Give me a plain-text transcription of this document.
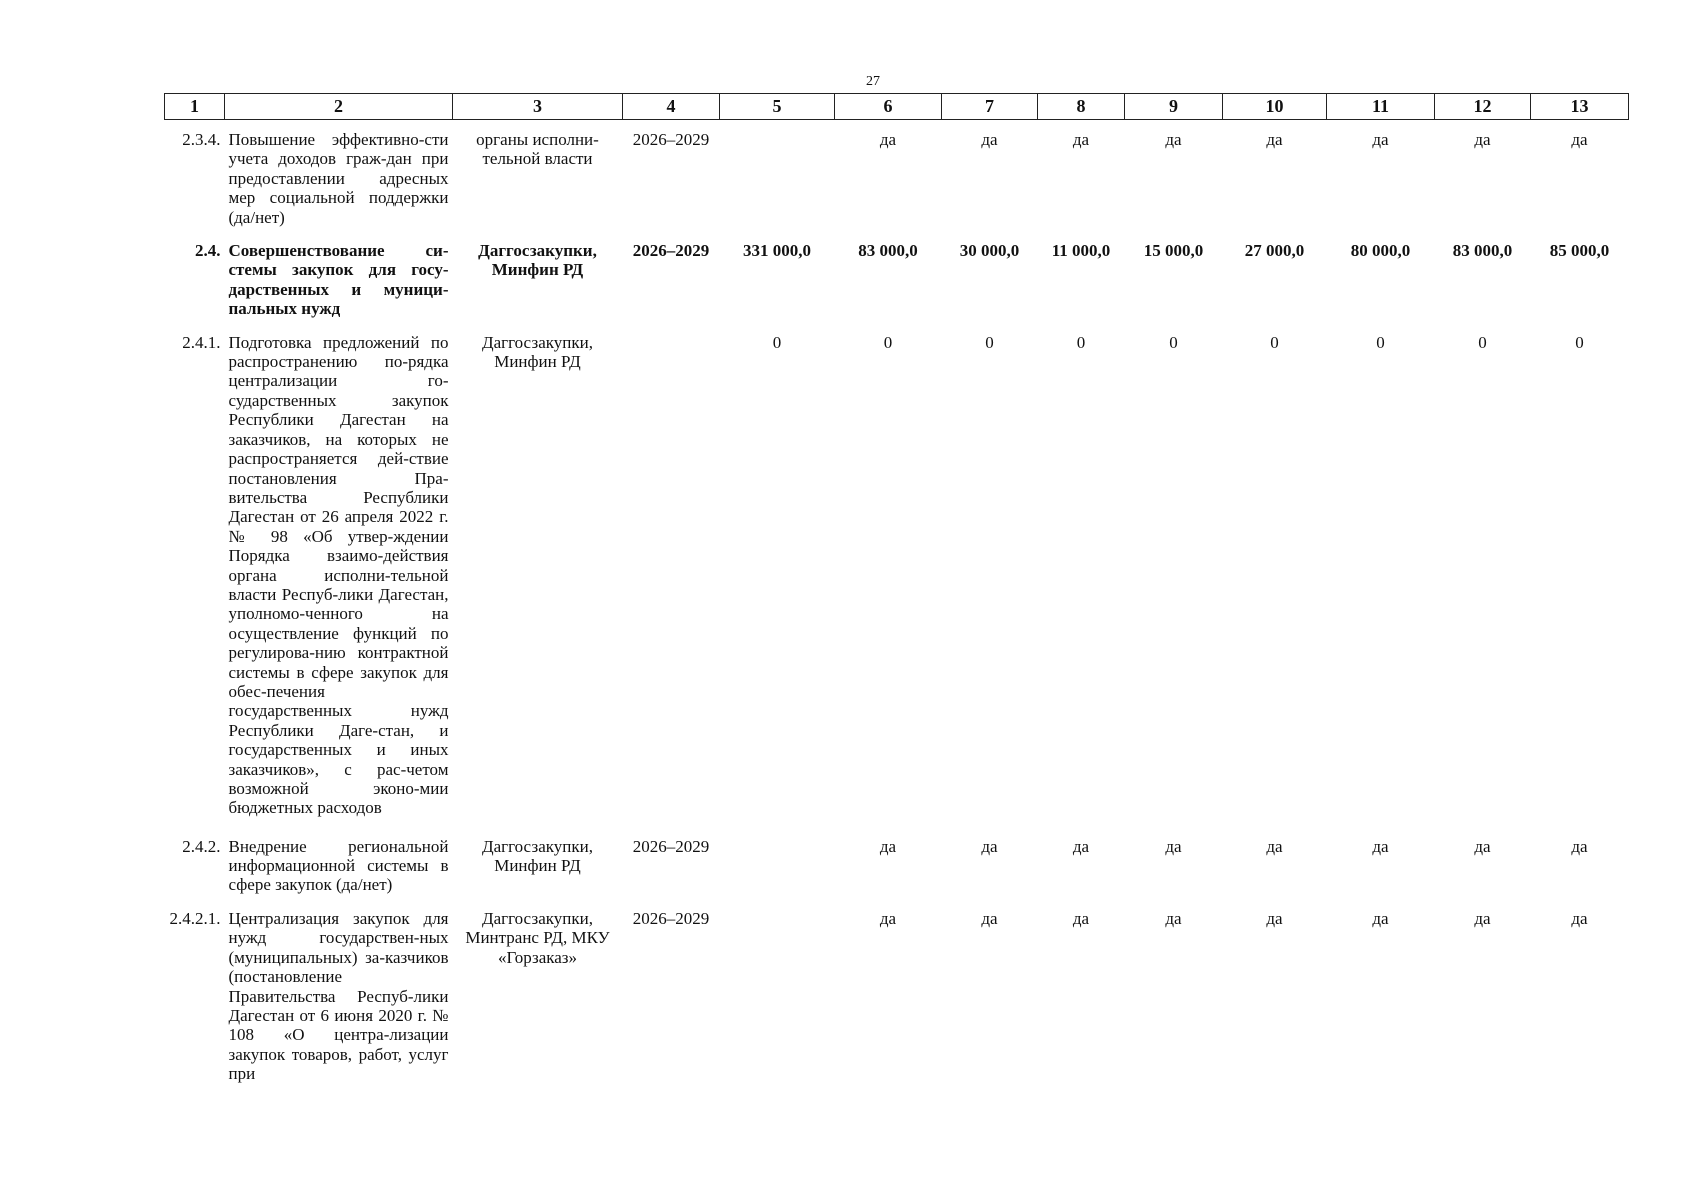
27
1	2	3	4	5	6	7	8	9	10	11	12	13
2.3.4.	Повышение эффективно-сти учета доходов граж-дан при предоставлении адресных мер социальной поддержки (да/нет)	органы исполни-тельной власти	2026–2029		да	да	да	да	да	да	да	да
2.4.	Совершенствование си-стемы закупок для госу-дарственных и муници-пальных нужд	Даггосзакупки, Минфин РД	2026–2029	331 000,0	83 000,0	30 000,0	11 000,0	15 000,0	27 000,0	80 000,0	83 000,0	85 000,0
2.4.1.	Подготовка предложений по распространению по-рядка централизации го-сударственных закупок Республики Дагестан на заказчиков, на которых не распространяется дей-ствие постановления Пра-вительства Республики Дагестан от 26 апреля 2022 г. № 98 «Об утвер-ждении Порядка взаимо-действия органа исполни-тельной власти Респуб-лики Дагестан, уполномо-ченного на осуществление функций по регулирова-нию контрактной системы в сфере закупок для обес-печения государственных нужд Республики Даге-стан, и государственных и иных заказчиков», с рас-четом возможной эконо-мии бюджетных расходов	Даггосзакупки, Минфин РД		0	0	0	0	0	0	0	0	0
2.4.2.	Внедрение региональной информационной системы в сфере закупок (да/нет)	Даггосзакупки, Минфин РД	2026–2029		да	да	да	да	да	да	да	да
2.4.2.1.	Централизация закупок для нужд государствен-ных (муниципальных) за-казчиков (постановление Правительства Респуб-лики Дагестан от 6 июня 2020 г. № 108 «О центра-лизации закупок товаров, работ, услуг при	Даггосзакупки, Минтранс РД, МКУ «Горзаказ»	2026–2029		да	да	да	да	да	да	да	да
